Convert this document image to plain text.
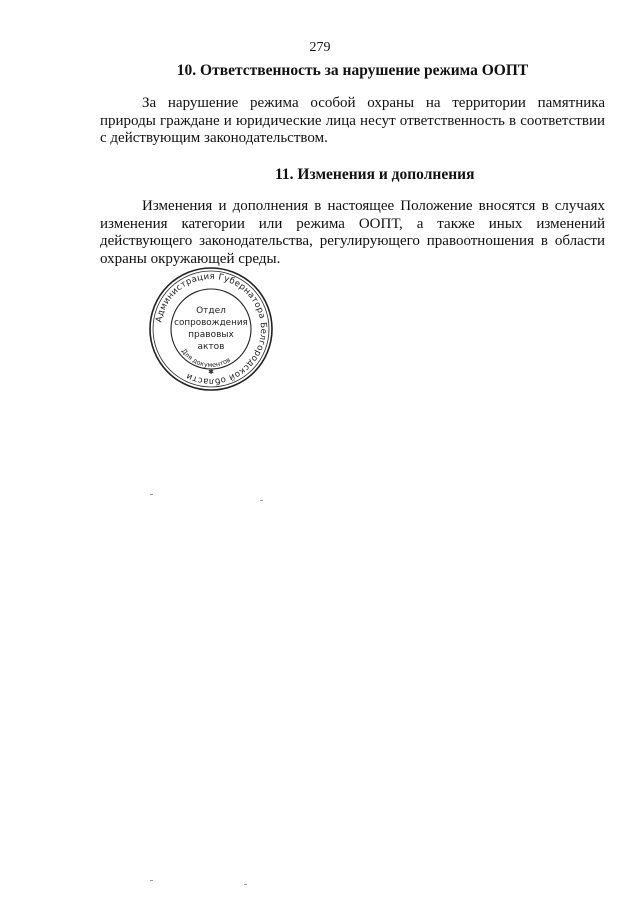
279
10. Ответственность за нарушение режима ООПТ
За нарушение режима особой охраны на территории памятника природы граждане и юридические лица несут ответственность в соответствии с действующим законодательством.
11. Изменения и дополнения
Изменения и дополнения в настоящее Положение вносятся в случаях изменения категории или режима ООПТ, а также иных изменений действующего законодательства, регулирующего правоотношения в области охраны окружающей среды.
Администрация Губернатора Белгородской области
Для документов
Отдел
сопровождения
правовых
актов
✱
